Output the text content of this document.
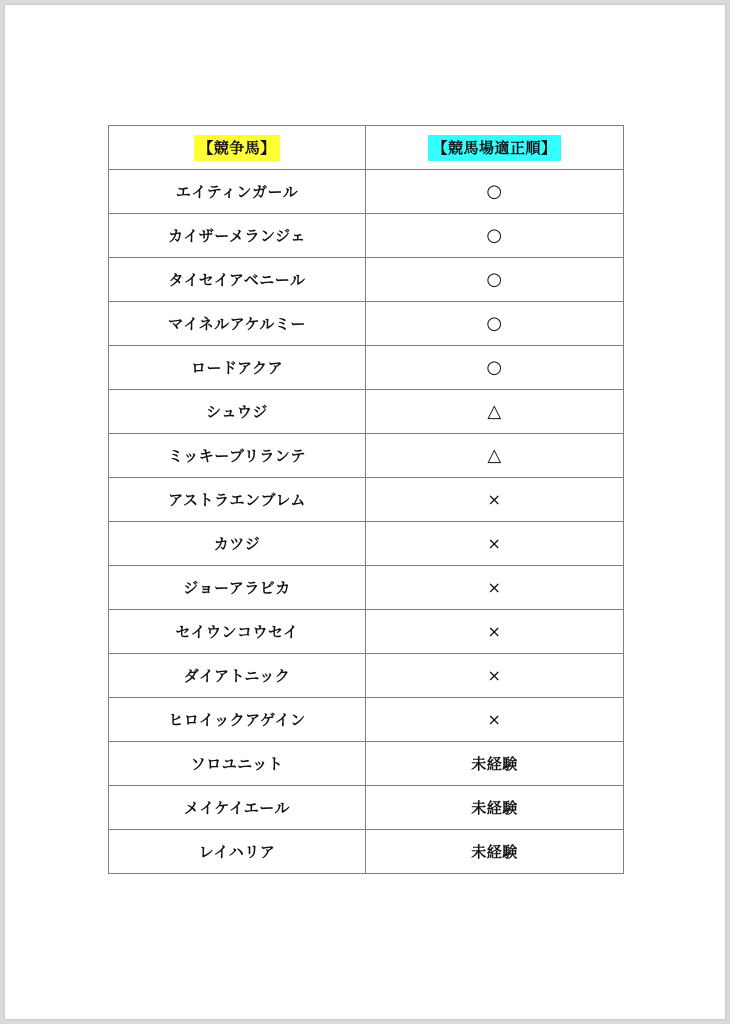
【競争馬】	【競馬場適正順】
エイティンガール	○
カイザーメランジェ	○
タイセイアベニール	○
マイネルアケルミー	○
ロードアクア	○
シュウジ	△
ミッキーブリランテ	△
アストラエンブレム	×
カツジ	×
ジョーアラビカ	×
セイウンコウセイ	×
ダイアトニック	×
ヒロイックアゲイン	×
ソロユニット	未経験
メイケイエール	未経験
レイハリア	未経験
